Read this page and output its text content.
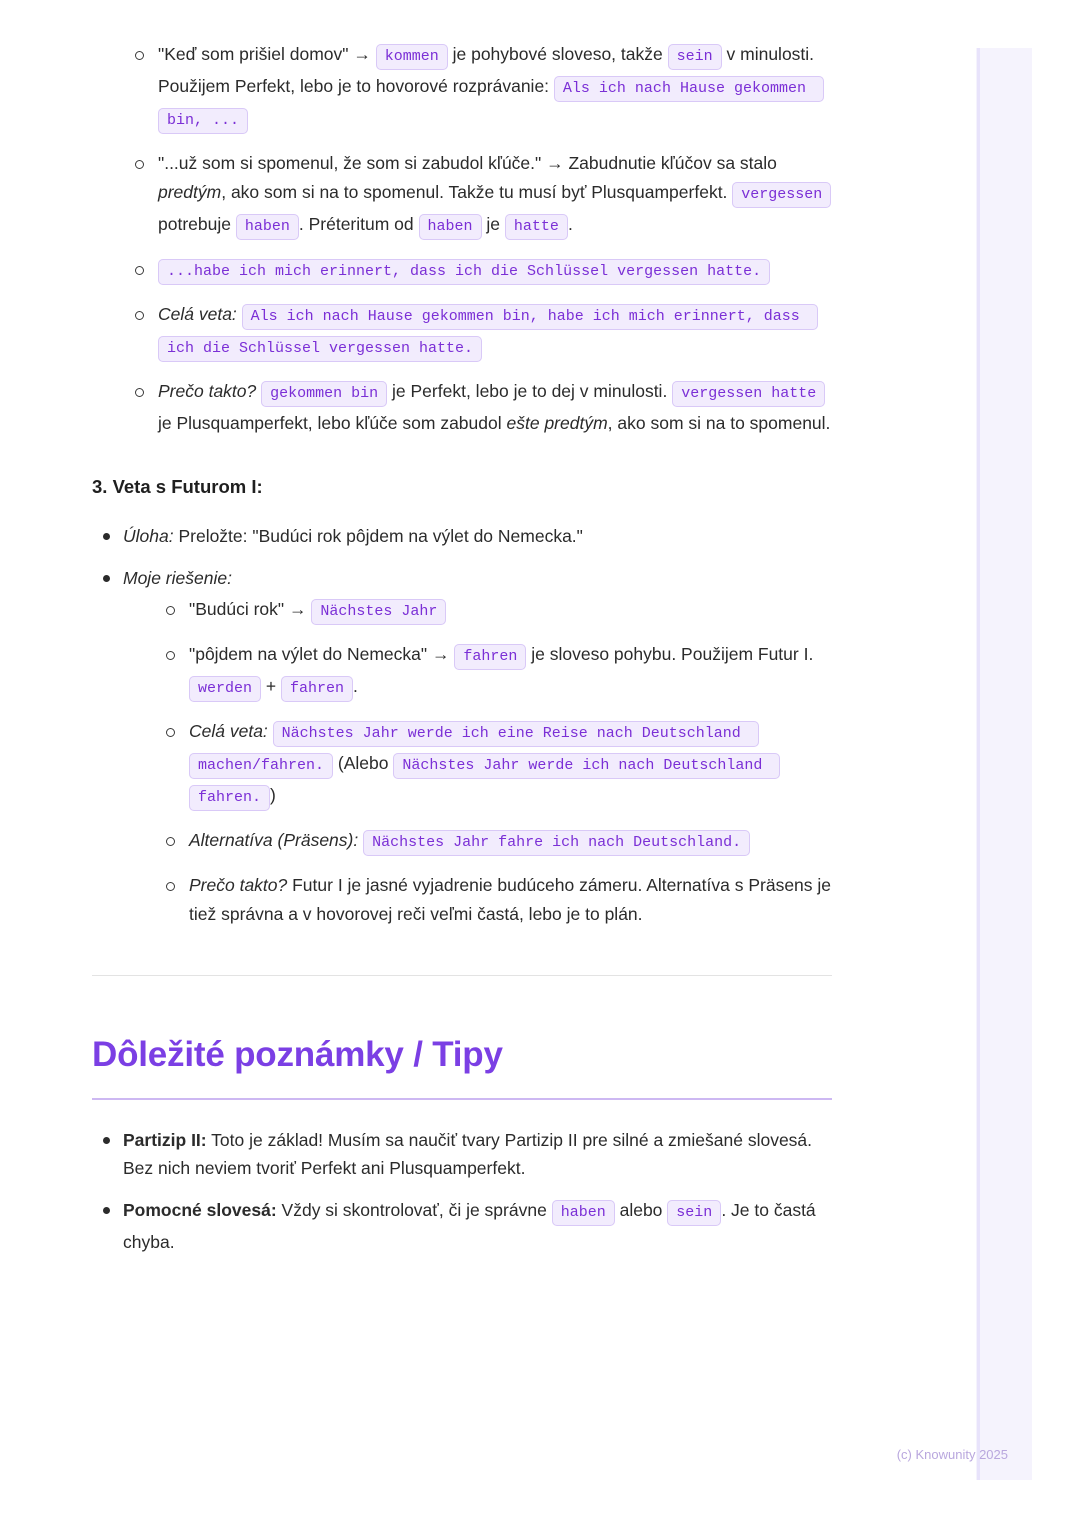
"Keď som prišiel domov" → kommen je pohybové sloveso, takže sein v minulosti. Použijem Perfekt, lebo je to hovorové rozprávanie: Als ich nach Hause gekommen bin, ...
"...už som si spomenul, že som si zabudol kľúče." → Zabudnutie kľúčov sa stalo predtým, ako som si na to spomenul. Takže tu musí byť Plusquamperfekt. vergessen potrebuje haben . Préteritum od haben je hatte .
...habe ich mich erinnert, dass ich die Schlüssel vergessen hatte.
Celá veta: Als ich nach Hause gekommen bin, habe ich mich erinnert, dass ich die Schlüssel vergessen hatte.
Prečo takto? gekommen bin je Perfekt, lebo je to dej v minulosti. vergessen hatte je Plusquamperfekt, lebo kľúče som zabudol ešte predtým, ako som si na to spomenul.
3. Veta s Futurom I:
Úloha: Preložte: "Budúci rok pôjdem na výlet do Nemecka."
Moje riešenie:
"Budúci rok" → Nächstes Jahr
"pôjdem na výlet do Nemecka" → fahren je sloveso pohybu. Použijem Futur I. werden + fahren .
Celá veta: Nächstes Jahr werde ich eine Reise nach Deutschland machen/fahren. (Alebo Nächstes Jahr werde ich nach Deutschland fahren. )
Alternatíva (Präsens): Nächstes Jahr fahre ich nach Deutschland.
Prečo takto? Futur I je jasné vyjadrenie budúceho zámeru. Alternatíva s Präsens je tiež správna a v hovorovej reči veľmi častá, lebo je to plán.
Dôležité poznámky / Tipy
Partizip II: Toto je základ! Musím sa naučiť tvary Partizip II pre silné a zmiešané slovesá. Bez nich neviem tvoriť Perfekt ani Plusquamperfekt.
Pomocné slovesá: Vždy si skontrolovať, či je správne haben alebo sein . Je to častá chyba.
(c) Knowunity 2025
